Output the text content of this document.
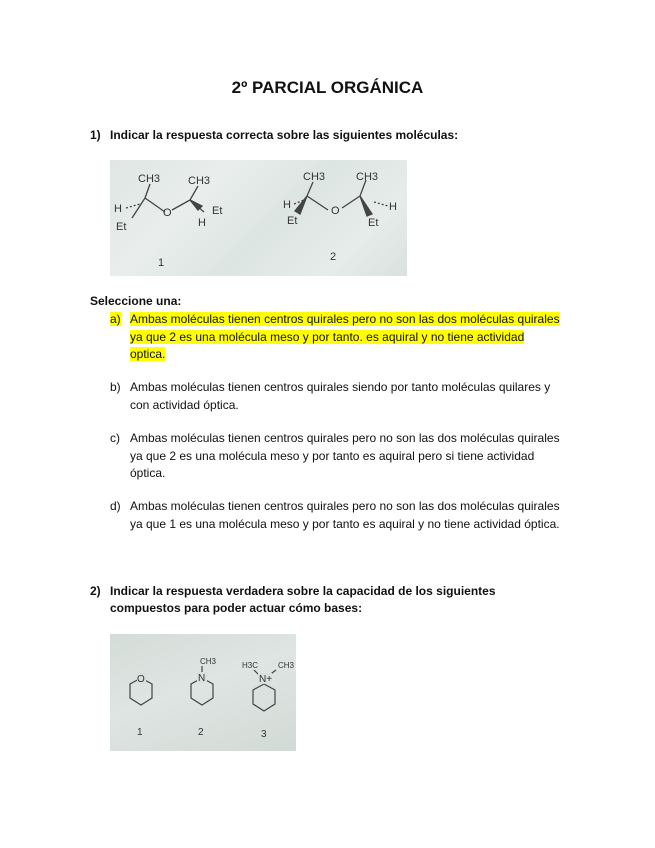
2º PARCIAL ORGÁNICA
1) Indicar la respuesta correcta sobre las siguientes moléculas:
CH3	CH3
H
Et
O	Et
H
1
CH3	CH3
H
Et
O	H
Et
2
Seleccione una:
a) Ambas moléculas tienen centros quirales pero no son las dos moléculas quirales ya que 2 es una molécula meso y por tanto. es aquiral y no tiene actividad optica.
b) Ambas moléculas tienen centros quirales siendo por tanto moléculas quilares y con actividad óptica.
c) Ambas moléculas tienen centros quirales pero no son las dos moléculas quirales ya que 2 es una molécula meso y por tanto es aquiral pero si tiene actividad óptica.
d) Ambas moléculas tienen centros quirales pero no son las dos moléculas quirales ya que 1 es una molécula meso y por tanto es aquiral y no tiene actividad óptica.
2) Indicar la respuesta verdadera sobre la capacidad de los siguientes compuestos para poder actuar cómo bases:
O
1
N
CH3
2
N+
H3C CH3
3
